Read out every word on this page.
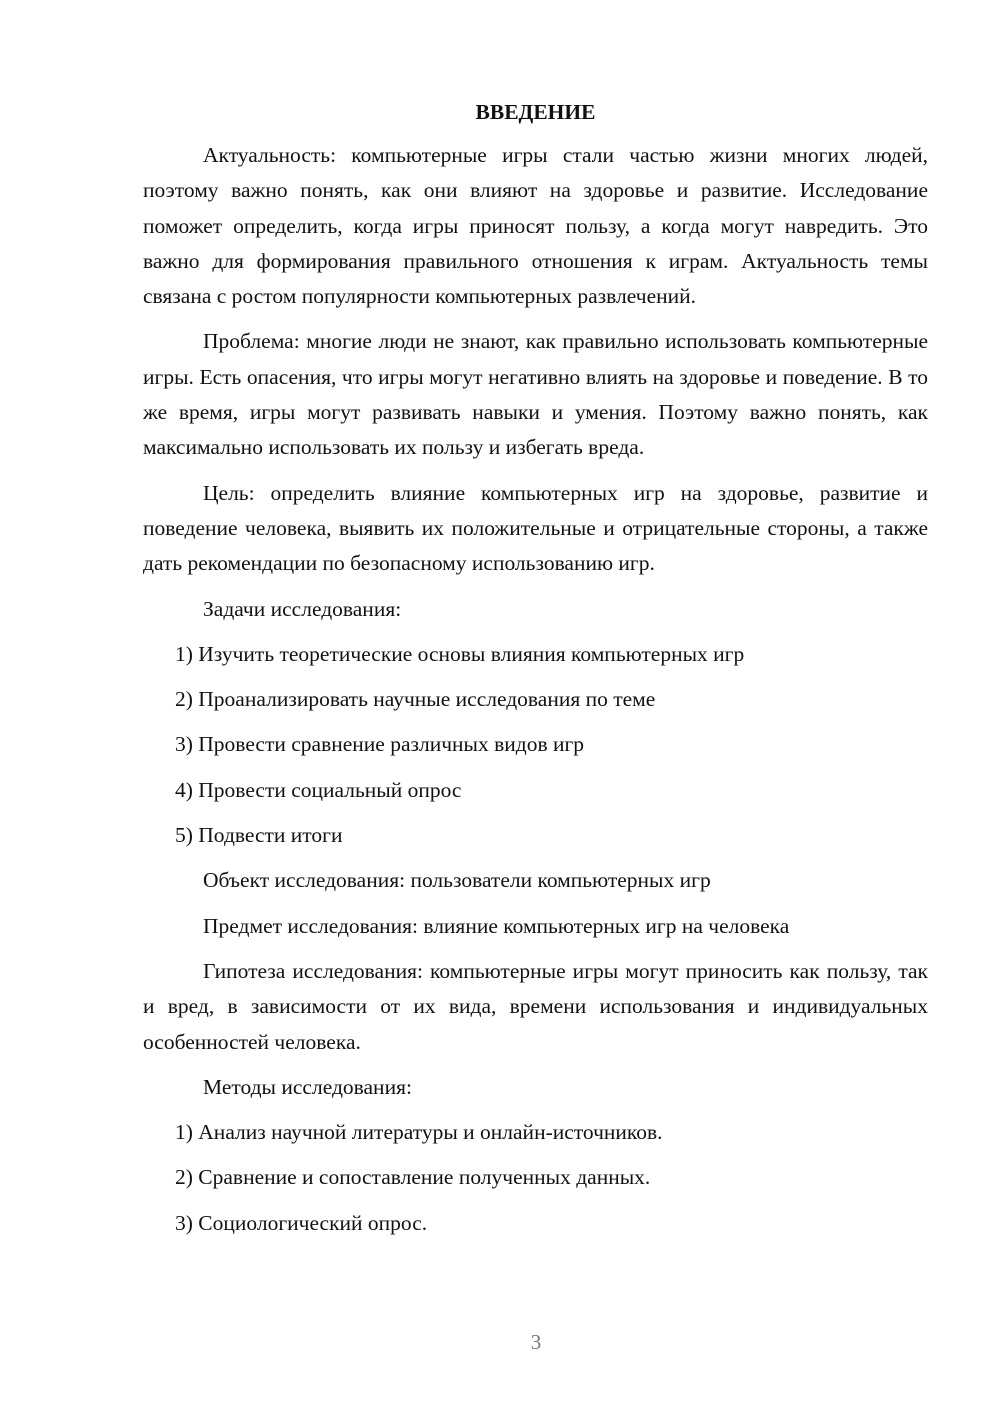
ВВЕДЕНИЕ

Актуальность: компьютерные игры стали частью жизни многих людей, поэтому важно понять, как они влияют на здоровье и развитие. Исследование поможет определить, когда игры приносят пользу, а когда могут навредить. Это важно для формирования правильного отношения к играм. Актуальность темы связана с ростом популярности компьютерных развлечений.

Проблема: многие люди не знают, как правильно использовать компьютерные игры. Есть опасения, что игры могут негативно влиять на здоровье и поведение. В то же время, игры могут развивать навыки и умения. Поэтому важно понять, как максимально использовать их пользу и избегать вреда.

Цель: определить влияние компьютерных игр на здоровье, развитие и поведение человека, выявить их положительные и отрицательные стороны, а также дать рекомендации по безопасному использованию игр.

Задачи исследования:
1) Изучить теоретические основы влияния компьютерных игр
2) Проанализировать научные исследования по теме
3) Провести сравнение различных видов игр
4) Провести социальный опрос
5) Подвести итоги
Объект исследования: пользователи компьютерных игр
Предмет исследования: влияние компьютерных игр на человека

Гипотеза исследования: компьютерные игры могут приносить как пользу, так и вред, в зависимости от их вида, времени использования и индивидуальных особенностей человека.

Методы исследования:
1) Анализ научной литературы и онлайн-источников.
2) Сравнение и сопоставление полученных данных.
3) Социологический опрос.
3
